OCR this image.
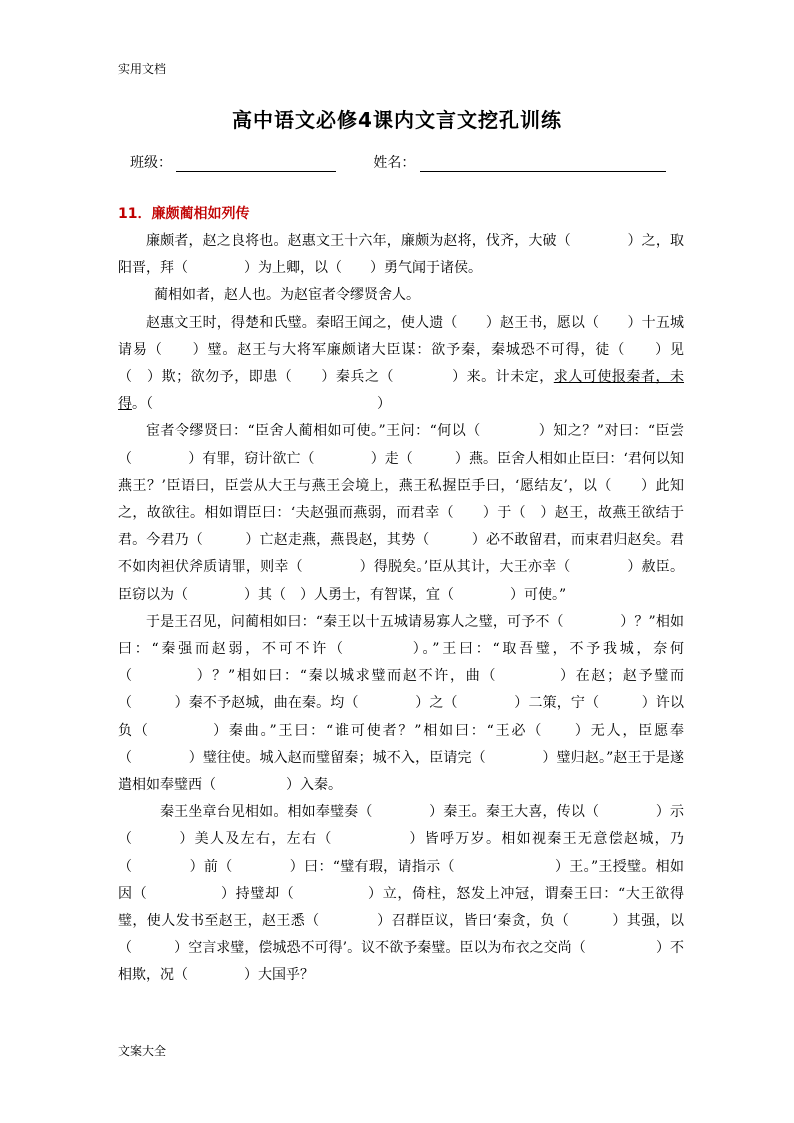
实用文档
高中语文必修4课内文言文挖孔训练
班级：	姓名：
11．廉颇蔺相如列传

廉颇者，赵之良将也。赵惠文王十六年，廉颇为赵将，伐齐，大破（　　　　）之，取阳晋，拜（　　　　）为上卿，以（　　）勇气闻于诸侯。

蔺相如者，赵人也。为赵宦者令缪贤舍人。

赵惠文王时，得楚和氏璧。秦昭王闻之，使人遗（　　）赵王书，愿以（　　）十五城请易（　　）璧。赵王与大将军廉颇诸大臣谋：欲予秦，秦城恐不可得，徒（　　）见（　）欺；欲勿予，即患（　　）秦兵之（　　　　）来。计未定，求人可使报秦者，未得。（　　　　　　　　　　　　　　　　）

宦者令缪贤曰：“臣舍人蔺相如可使。”王问：“何以（　　　　）知之？”对曰：“臣尝（　　　　）有罪，窃计欲亡（　　　　）走（　　　）燕。臣舍人相如止臣曰：‘君何以知燕王？’臣语曰，臣尝从大王与燕王会境上，燕王私握臣手曰，‘愿结友’，以（　　）此知之，故欲往。相如谓臣曰：‘夫赵强而燕弱，而君幸（　　）于（　）赵王，故燕王欲结于君。今君乃（　　　）亡赵走燕，燕畏赵，其势（　　　）必不敢留君，而束君归赵矣。君不如肉袒伏斧质请罪，则幸（　　　　）得脱矣。’臣从其计，大王亦幸（　　　　）赦臣。臣窃以为（　　　　）其（　）人勇士，有智谋，宜（　　　　）可使。”

于是王召见，问蔺相如曰：“秦王以十五城请易寡人之璧，可予不（　　　　）？”相如曰：“秦强而赵弱，不可不许（　　　　）。”王曰：“取吾璧，不予我城，奈何（　　　　）？”相如曰：“秦以城求璧而赵不许，曲（　　　　）在赵；赵予璧而（　　　）秦不予赵城，曲在秦。均（　　　　）之（　　　　）二策，宁（　　　）许以负（　　　　）秦曲。”王曰：“谁可使者？”相如曰：“王必（　　）无人，臣愿奉（　　　　）璧往使。城入赵而璧留秦；城不入，臣请完（　　　　）璧归赵。”赵王于是遂遣相如奉璧西（　　　　　）入秦。

秦王坐章台见相如。相如奉璧奏（　　　　）秦王。秦王大喜，传以（　　　　）示（　　　）美人及左右，左右（　　　　　）皆呼万岁。相如视秦王无意偿赵城，乃（　　　　）前（　　　　）曰：“璧有瑕，请指示（　　　　　　　）王。”王授璧。相如因（　　　　　）持璧却（　　　　　）立，倚柱，怒发上冲冠，谓秦王曰：“大王欲得璧，使人发书至赵王，赵王悉（　　　　）召群臣议，皆曰‘秦贪，负（　　　）其强，以（　　　）空言求璧，偿城恐不可得’。议不欲予秦璧。臣以为布衣之交尚（　　　　　）不相欺，况（　　　　）大国乎？

文案大全
